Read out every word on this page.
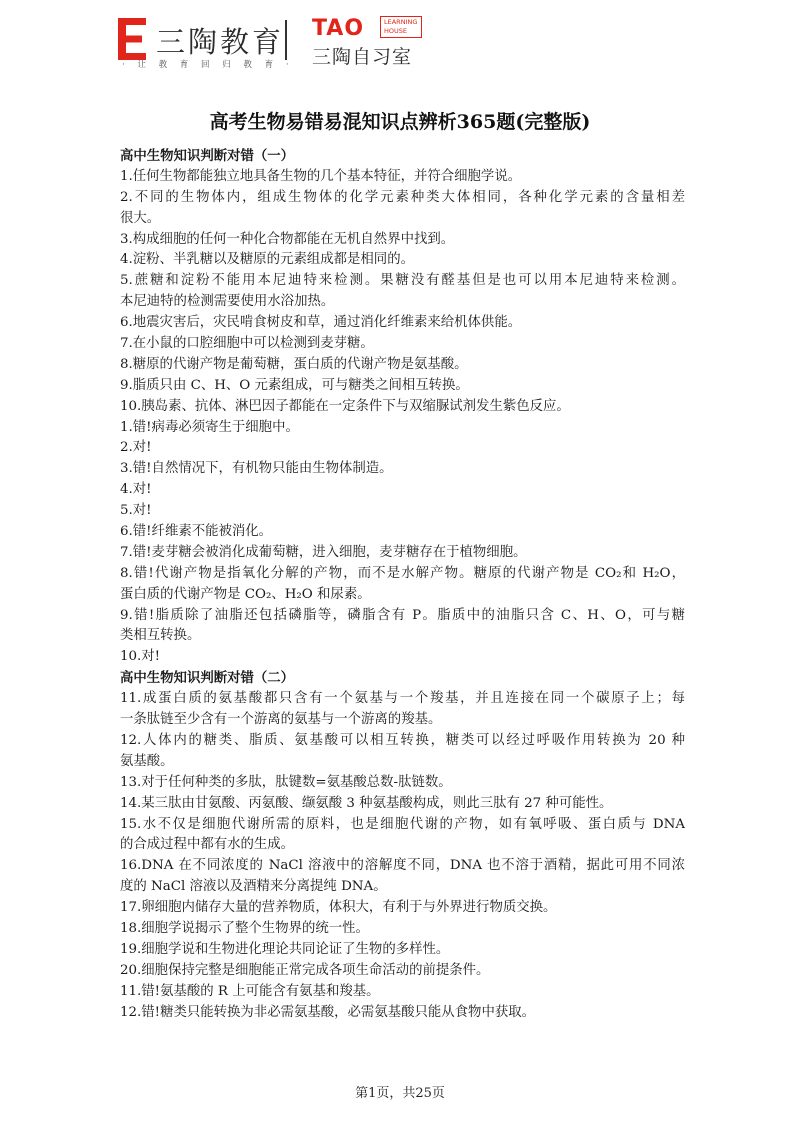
三陶教育
· 让 教 育 回 归 教 育 ·
TAO	LEARNING
HOUSE
三陶自习室
高考生物易错易混知识点辨析365题(完整版)
高中生物知识判断对错（一）
1.任何生物都能独立地具备生物的几个基本特征，并符合细胞学说。
2.不同的生物体内，组成生物体的化学元素种类大体相同，各种化学元素的含量相差
很大。
3.构成细胞的任何一种化合物都能在无机自然界中找到。
4.淀粉、半乳糖以及糖原的元素组成都是相同的。
5.蔗糖和淀粉不能用本尼迪特来检测。果糖没有醛基但是也可以用本尼迪特来检测。
本尼迪特的检测需要使用水浴加热。
6.地震灾害后，灾民啃食树皮和草，通过消化纤维素来给机体供能。
7.在小鼠的口腔细胞中可以检测到麦芽糖。
8.糖原的代谢产物是葡萄糖，蛋白质的代谢产物是氨基酸。
9.脂质只由 C、H、O 元素组成，可与糖类之间相互转换。
10.胰岛素、抗体、淋巴因子都能在一定条件下与双缩脲试剂发生紫色反应。
1.错!病毒必须寄生于细胞中。
2.对!
3.错!自然情况下，有机物只能由生物体制造。
4.对!
5.对!
6.错!纤维素不能被消化。
7.错!麦芽糖会被消化成葡萄糖，进入细胞，麦芽糖存在于植物细胞。
8.错!代谢产物是指氧化分解的产物，而不是水解产物。糖原的代谢产物是 CO₂和 H₂O，
蛋白质的代谢产物是 CO₂、H₂O 和尿素。
9.错!脂质除了油脂还包括磷脂等，磷脂含有 P。脂质中的油脂只含 C、H、O，可与糖
类相互转换。
10.对!
高中生物知识判断对错（二）
11.成蛋白质的氨基酸都只含有一个氨基与一个羧基，并且连接在同一个碳原子上；每
一条肽链至少含有一个游离的氨基与一个游离的羧基。
12.人体内的糖类、脂质、氨基酸可以相互转换，糖类可以经过呼吸作用转换为 20 种
氨基酸。
13.对于任何种类的多肽，肽键数=氨基酸总数-肽链数。
14.某三肽由甘氨酸、丙氨酸、缬氨酸 3 种氨基酸构成，则此三肽有 27 种可能性。
15.水不仅是细胞代谢所需的原料，也是细胞代谢的产物，如有氧呼吸、蛋白质与 DNA
的合成过程中都有水的生成。
16.DNA 在不同浓度的 NaCl 溶液中的溶解度不同，DNA 也不溶于酒精，据此可用不同浓
度的 NaCl 溶液以及酒精来分离提纯 DNA。
17.卵细胞内储存大量的营养物质，体积大，有利于与外界进行物质交换。
18.细胞学说揭示了整个生物界的统一性。
19.细胞学说和生物进化理论共同论证了生物的多样性。
20.细胞保持完整是细胞能正常完成各项生命活动的前提条件。
11.错!氨基酸的 R 上可能含有氨基和羧基。
12.错!糖类只能转换为非必需氨基酸，必需氨基酸只能从食物中获取。
第1页，共25页
